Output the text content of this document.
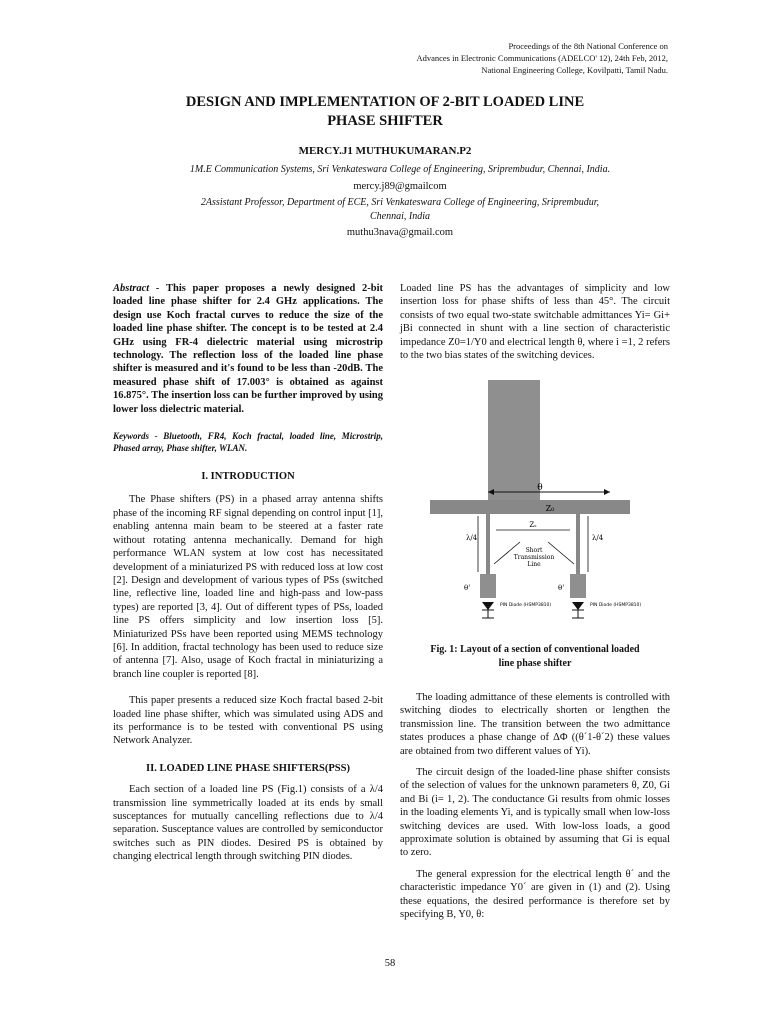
Proceedings of the 8th National Conference on
Advances in Electronic Communications (ADELCO' 12), 24th Feb, 2012,
National Engineering College, Kovilpatti, Tamil Nadu.
DESIGN AND IMPLEMENTATION OF 2-BIT LOADED LINE
PHASE SHIFTER
MERCY.J1 MUTHUKUMARAN.P2
1M.E Communication Systems, Sri Venkateswara College of Engineering, Sriprembudur, Chennai, India.
mercy.j89@gmailcom
2Assistant Professor, Department of ECE, Sri Venkateswara College of Engineering, Sriprembudur,
Chennai, India
muthu3nava@gmail.com

Abstract - This paper proposes a newly designed 2-bit loaded line phase shifter for 2.4 GHz applications. The design use Koch fractal curves to reduce the size of the loaded line phase shifter. The concept is to be tested at 2.4 GHz using FR-4 dielectric material using microstrip technology. The reflection loss of the loaded line phase shifter is measured and it's found to be less than -20dB. The measured phase shift of 17.003° is obtained as against 16.875°. The insertion loss can be further improved by using lower loss dielectric material.

Keywords - Bluetooth, FR4, Koch fractal, loaded line, Microstrip, Phased array, Phase shifter, WLAN.

I. INTRODUCTION

The Phase shifters (PS) in a phased array antenna shifts phase of the incoming RF signal depending on control input [1], enabling antenna main beam to be steered at a faster rate without rotating antenna mechanically. Demand for high performance WLAN system at low cost has necessitated development of a miniaturized PS with reduced loss at low cost [2]. Design and development of various types of PSs (switched line, reflective line, loaded line and high-pass and low-pass types) are reported [3, 4]. Out of different types of PSs, loaded line PS offers simplicity and low insertion loss [5]. Miniaturized PSs have been reported using MEMS technology [6]. In addition, fractal technology has been used to reduce size of antenna [7]. Also, usage of Koch fractal in miniaturizing a branch line coupler is reported [8].

This paper presents a reduced size Koch fractal based 2-bit loaded line phase shifter, which was simulated using ADS and its performance is to be tested with conventional PS using Network Analyzer.

II. LOADED LINE PHASE SHIFTERS(PSS)

Each section of a loaded line PS (Fig.1) consists of a λ/4 transmission line symmetrically loaded at its ends by small susceptances for mutually cancelling reflections due to λ/4 separation. Susceptance values are controlled by semiconductor switches such as PIN diodes. Desired PS is obtained by changing electrical length through switching PIN diodes.

Loaded line PS has the advantages of simplicity and low insertion loss for phase shifts of less than 45°. The circuit consists of two equal two-state switchable admittances Yi= Gi+ jBi connected in shunt with a line section of characteristic impedance Z0=1/Y0 and electrical length θ, where i =1, 2 refers to the two bias states of the switching devices.

θ
Z₀
λ/4	λ/4
Zₛ
Short
Transmission
Line
θ'	θ'
PIN Diode (HSMP3810)	PIN Diode (HSMP3810)

Fig. 1: Layout of a section of conventional loaded

line phase shifter

The loading admittance of these elements is controlled with switching diodes to electrically shorten or lengthen the transmission line. The transition between the two admittance states produces a phase change of ΔΦ ((θ´1-θ´2) these values are obtained from two different values of Yi).

The circuit design of the loaded-line phase shifter consists of the selection of values for the unknown parameters θ, Z0, Gi and Bi (i= 1, 2). The conductance Gi results from ohmic losses in the loading elements Yi, and is typically small when low-loss switching devices are used. With low-loss loads, a good approximate solution is obtained by assuming that Gi is equal to zero.

The general expression for the electrical length θ´ and the characteristic impedance Y0´ are given in (1) and (2). Using these equations, the desired performance is therefore set by specifying B, Y0, θ:

58
